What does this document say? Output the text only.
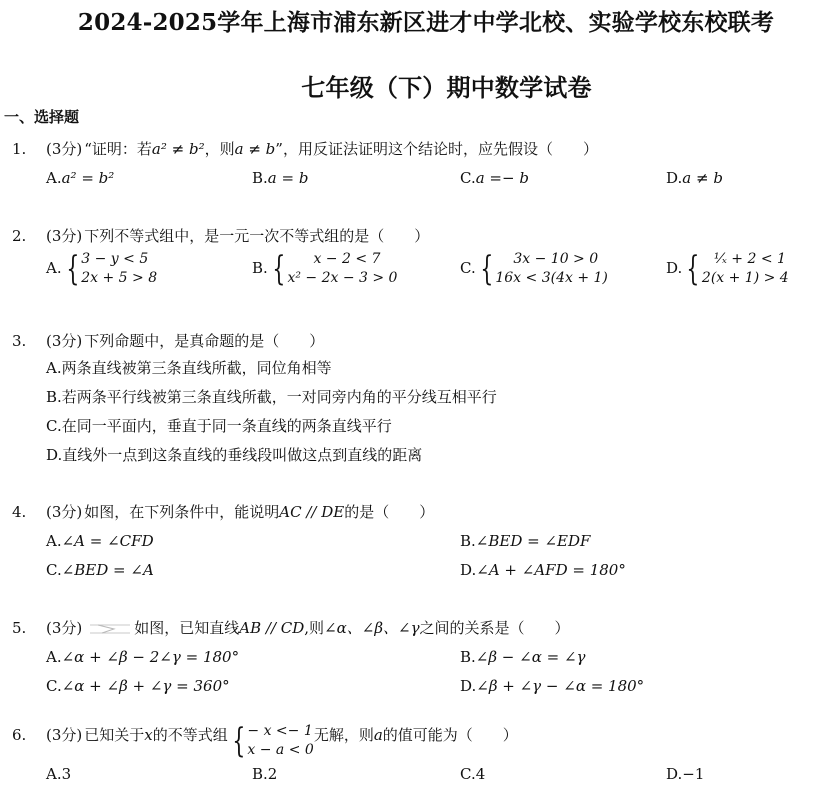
2024-2025学年上海市浦东新区进才中学北校、实验学校东校联考
七年级（下）期中数学试卷
一、选择题
1. (3分) “证明：若a² ≠ b²，则a ≠ b”，用反证法证明这个结论时，应先假设（　　）
A.a² = b²	B.a = b	C.a =− b	D.a ≠ b
2. (3分) 下列不等式组中，是一元一次不等式组的是（　　）
A. { 3 − y < 5
2x + 5 > 8
B. {	x − 2 < 7
x² − 2x − 3 > 0
C. {	3x − 10 > 0
16x < 3(4x + 1)
D. {	¹⁄ₓ + 2 < 1
2(x + 1) > 4
3. (3分) 下列命题中，是真命题的是（　　）
A.两条直线被第三条直线所截，同位角相等
B.若两条平行线被第三条直线所截，一对同旁内角的平分线互相平行
C.在同一平面内，垂直于同一条直线的两条直线平行
D.直线外一点到这条直线的垂线段叫做这点到直线的距离
4. (3分) 如图，在下列条件中，能说明AC // DE的是（　　）
A.∠A = ∠CFD	B.∠BED = ∠EDF
C.∠BED = ∠A	D.∠A + ∠AFD = 180°
5. (3分)	如图，已知直线AB // CD,则∠α、∠β、∠γ之间的关系是（　　）
A.∠α + ∠β − 2∠γ = 180°	B.∠β − ∠α = ∠γ
C.∠α + ∠β + ∠γ = 360°	D.∠β + ∠γ − ∠α = 180°
6. (3分) 已知关于x的不等式组 { − x <− 1
x − a < 0
无解，则a的值可能为（　　）
A.3	B.2	C.4	D.−1
